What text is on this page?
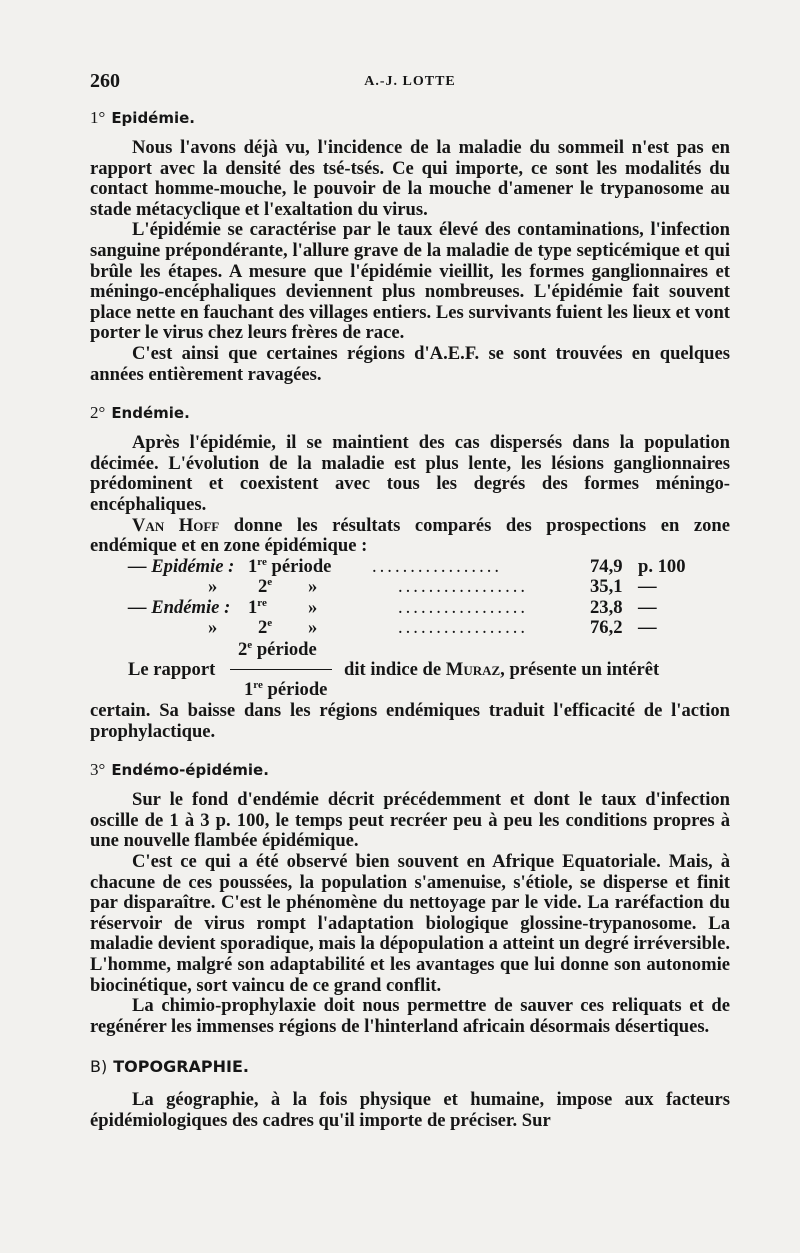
260	A.-J. LOTTE
1° Epidémie.

Nous l'avons déjà vu, l'incidence de la maladie du sommeil n'est pas en rapport avec la densité des tsé-tsés. Ce qui importe, ce sont les modalités du contact homme-mouche, le pouvoir de la mouche d'amener le trypanosome au stade métacyclique et l'exaltation du virus.

L'épidémie se caractérise par le taux élevé des contaminations, l'infection sanguine prépondérante, l'allure grave de la maladie de type septicémique et qui brûle les étapes. A mesure que l'épidémie vieillit, les formes ganglionnaires et méningo-encéphaliques deviennent plus nombreuses. L'épidémie fait souvent place nette en fauchant des villages entiers. Les survivants fuient les lieux et vont porter le virus chez leurs frères de race.

C'est ainsi que certaines régions d'A.E.F. se sont trouvées en quelques années entièrement ravagées.

2° Endémie.

Après l'épidémie, il se maintient des cas dispersés dans la population décimée. L'évolution de la maladie est plus lente, les lésions ganglionnaires prédominent et coexistent avec tous les degrés des formes méningo-encéphaliques.

Van Hoff donne les résultats comparés des prospections en zone endémique et en zone épidémique :

— Epidémie : 1re période .................	74,9 p. 100
» 2e »	.................	35,1 —
— Endémie : 1re »	.................	23,8 —
» 2e »	.................	76,2 —
2e période
Le rapport	dit indice de Muraz, présente un intérêt
1re période

certain. Sa baisse dans les régions endémiques traduit l'efficacité de l'action prophylactique.

3° Endémo-épidémie.

Sur le fond d'endémie décrit précédemment et dont le taux d'infection oscille de 1 à 3 p. 100, le temps peut recréer peu à peu les conditions propres à une nouvelle flambée épidémique.

C'est ce qui a été observé bien souvent en Afrique Equatoriale. Mais, à chacune de ces poussées, la population s'amenuise, s'étiole, se disperse et finit par disparaître. C'est le phénomène du nettoyage par le vide. La raréfaction du réservoir de virus rompt l'adaptation biologique glossine-trypanosome. La maladie devient sporadique, mais la dépopulation a atteint un degré irréversible. L'homme, malgré son adaptabilité et les avantages que lui donne son autonomie biocinétique, sort vaincu de ce grand conflit.

La chimio-prophylaxie doit nous permettre de sauver ces reliquats et de regénérer les immenses régions de l'hinterland africain désormais désertiques.

B) TOPOGRAPHIE.

La géographie, à la fois physique et humaine, impose aux facteurs épidémiologiques des cadres qu'il importe de préciser. Sur
